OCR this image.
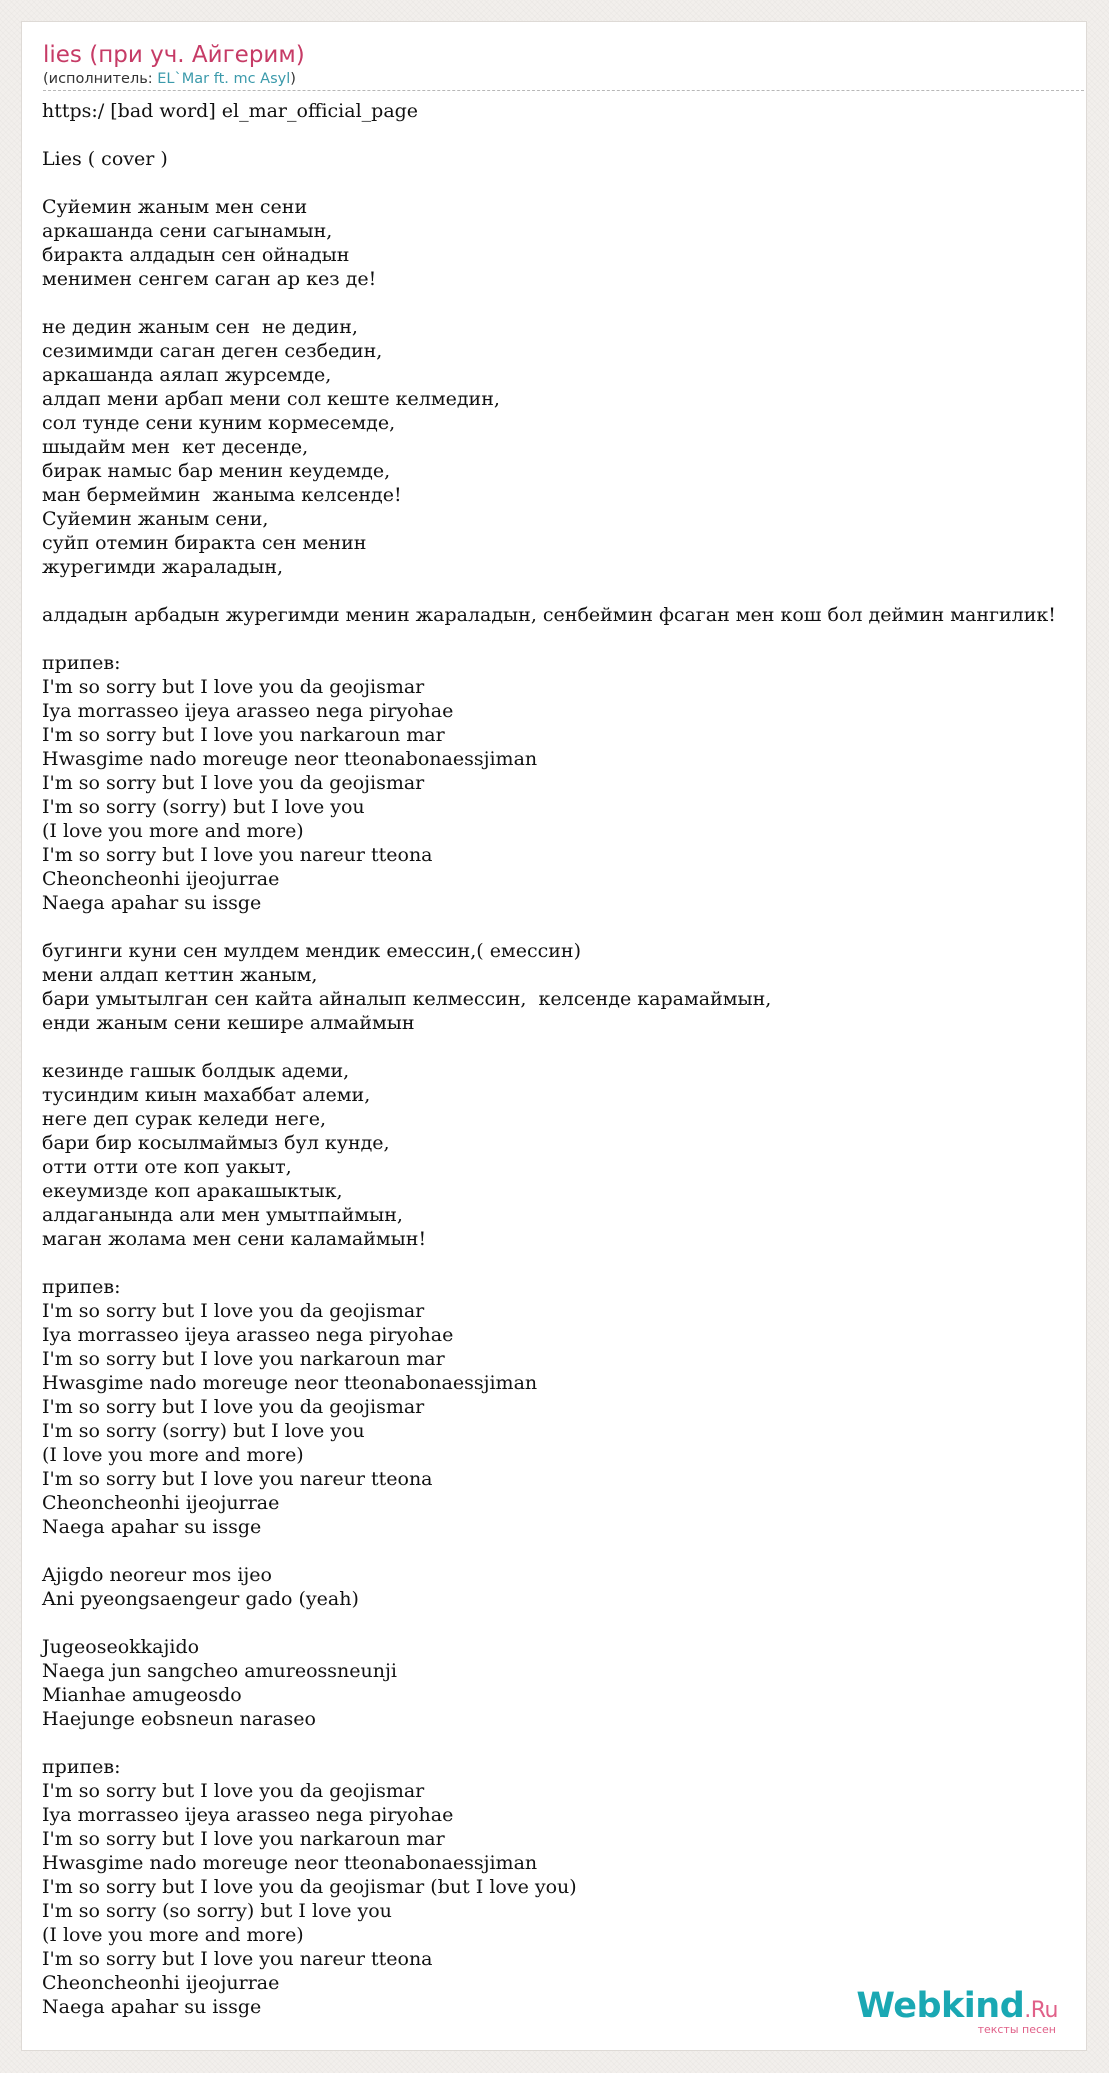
lies (при уч. Айгерим)
(исполнитель: EL`Mar ft. mc Asyl)
https:/ [bad word] el_mar_official_page
Lies ( cover )
Суйемин жаным мен сени
аркашанда сени сагынамын,
биракта алдадын сен ойнадын
менимен сенгем саган ар кез де!
не дедин жаным сен  не дедин,
сезимимди саган деген сезбедин,
аркашанда аялап журсемде,
алдап мени арбап мени сол кеште келмедин,
сол тунде сени куним кормесемде,
шыдайм мен  кет десенде,
бирак намыс бар менин кеудемде,
ман бермеймин  жаныма келсенде!
Суйемин жаным сени,
суйп отемин биракта сен менин
журегимди жараладын,
алдадын арбадын журегимди менин жараладын, сенбеймин фсаган мен кош бол деймин мангилик!
припев:
I'm so sorry but I love you da geojismar
Iya morrasseo ijeya arasseo nega piryohae
I'm so sorry but I love you narkaroun mar
Hwasgime nado moreuge neor tteonabonaessjiman
I'm so sorry but I love you da geojismar
I'm so sorry (sorry) but I love you
(I love you more and more)
I'm so sorry but I love you nareur tteona
Cheoncheonhi ijeojurrae
Naega apahar su issge
бугинги куни сен мулдем мендик емессин,( емессин)
мени алдап кеттин жаным,
бари умытылган сен кайта айналып келмессин,  келсенде карамаймын,
енди жаным сени кешире алмаймын
кезинде гашык болдык адеми,
тусиндим киын махаббат алеми,
неге деп сурак келеди неге,
бари бир косылмаймыз бул кунде,
отти отти оте коп уакыт,
екеумизде коп аракашыктык,
алдаганында али мен умытпаймын,
маган жолама мен сени каламаймын!
припев:
I'm so sorry but I love you da geojismar
Iya morrasseo ijeya arasseo nega piryohae
I'm so sorry but I love you narkaroun mar
Hwasgime nado moreuge neor tteonabonaessjiman
I'm so sorry but I love you da geojismar
I'm so sorry (sorry) but I love you
(I love you more and more)
I'm so sorry but I love you nareur tteona
Cheoncheonhi ijeojurrae
Naega apahar su issge
Ajigdo neoreur mos ijeo
Ani pyeongsaengeur gado (yeah)
Jugeoseokkajido
Naega jun sangcheo amureossneunji
Mianhae amugeosdo
Haejunge eobsneun naraseo
припев:
I'm so sorry but I love you da geojismar
Iya morrasseo ijeya arasseo nega piryohae
I'm so sorry but I love you narkaroun mar
Hwasgime nado moreuge neor tteonabonaessjiman
I'm so sorry but I love you da geojismar (but I love you)
I'm so sorry (so sorry) but I love you
(I love you more and more)
I'm so sorry but I love you nareur tteona
Cheoncheonhi ijeojurrae
Naega apahar su issge	Webkind.Ru
тексты песен
